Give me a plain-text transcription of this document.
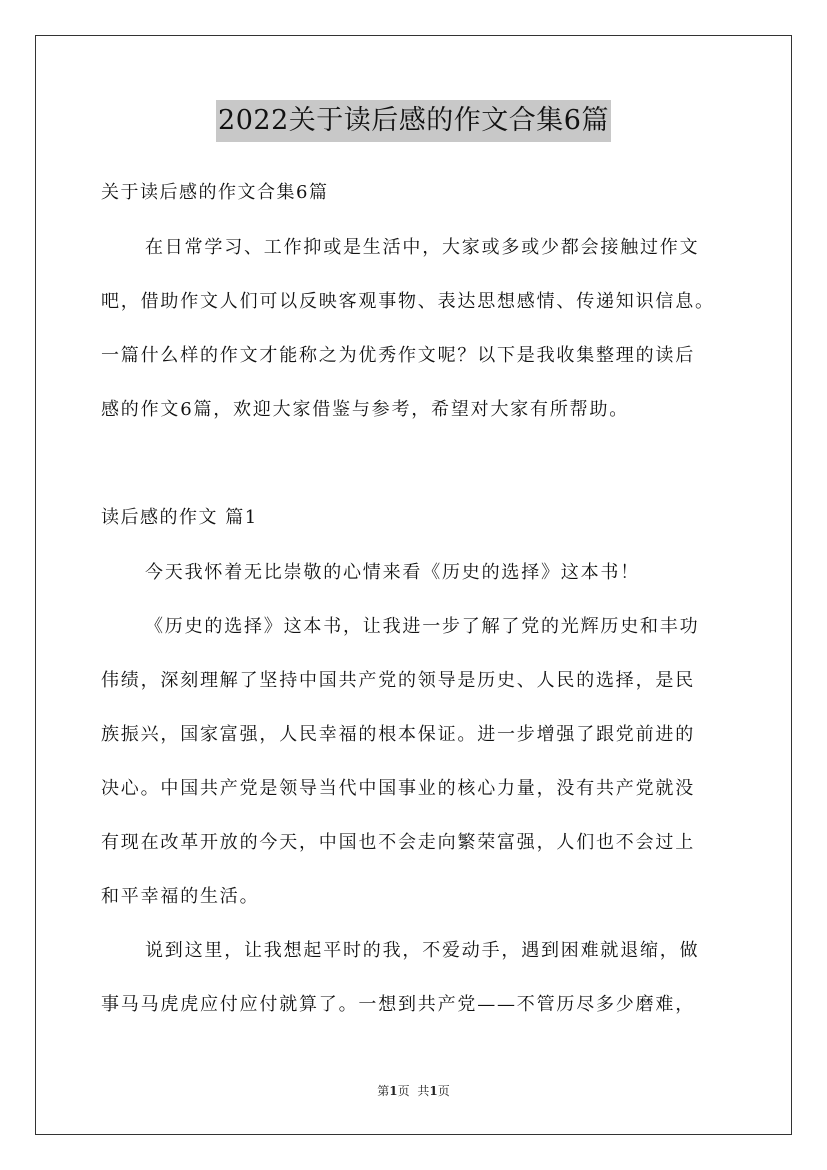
2022关于读后感的作文合集6篇
关于读后感的作文合集6篇
在日常学习、工作抑或是生活中，大家或多或少都会接触过作文
吧，借助作文人们可以反映客观事物、表达思想感情、传递知识信息。
一篇什么样的作文才能称之为优秀作文呢？以下是我收集整理的读后
感的作文6篇，欢迎大家借鉴与参考，希望对大家有所帮助。
读后感的作文 篇1
今天我怀着无比崇敬的心情来看《历史的选择》这本书！
《历史的选择》这本书，让我进一步了解了党的光辉历史和丰功
伟绩，深刻理解了坚持中国共产党的领导是历史、人民的选择，是民
族振兴，国家富强，人民幸福的根本保证。进一步增强了跟党前进的
决心。中国共产党是领导当代中国事业的核心力量，没有共产党就没
有现在改革开放的今天，中国也不会走向繁荣富强，人们也不会过上
和平幸福的生活。
说到这里，让我想起平时的我，不爱动手，遇到困难就退缩，做
事马马虎虎应付应付就算了。一想到共产党——不管历尽多少磨难，
第1页 共1页
